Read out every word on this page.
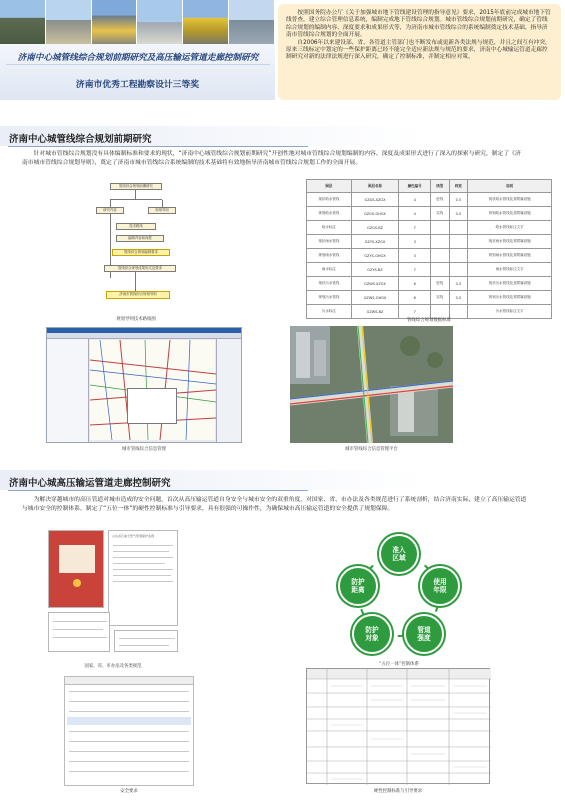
济南中心城管线综合规划前期研究及高压输运管道走廊控制研究
济南市优秀工程勘察设计三等奖

按照国务院办公厅《关于加强城市地下管线建设管理的指导意见》要求，2015年底前完成城市地下管线普查，建立综合管理信息系统，编制完成地下管线综合规划。城市管线综合规划前期研究，确定了管线综合规划的编制内容、深度要求和成果形式等，为济南市城市管线综合的系统编制奠定技术基础，指导济南市管线综合规划的全面开展。

自2006年以来建设部、省、各管道主管部门也不断发布或更新各类法规与规范，并且之间互有冲突，原来三线标定中划定的一些保护距离已经不能完全适应新法规与规范的要求，济南中心城输运管道走廊控制研究对新的法律法规进行深入研究，确定了控制标准，并制定相应对策。

济南中心城管线综合规划前期研究

针对城市管线综合规划没有具体编制标准和要求的现状，“济南中心城管线综合规划前期研究”开创性地对城市管线综合规划编制的内容、深度及成果形式进行了深入的探索与研究，制定了《济南市城市管线综合规划导则》，奠定了济南市城市管线综合系统编制的技术基础将有效地指导济南城市管线综合规划工作的全面开展。

管线综合规划前期研究
研究内容	规划导则
技术路线
编制内容和深度
管线综合规划编制要求
管线综合规划成果形式及要求
济南市管线综合规划导则
规划导则技术路线图
图层	图层名称	颜色编号	线型	线宽	说明
现状给水管线	GZGS-XZGX	4	虚线	0.5	现状给水管线及其附属设施
规划给水管线	GZGS-GHGX	4	实线	0.5	规划给水管线及其附属设施
给水标注	GZGS-BZ	7			给水管线标注文字
现状雨水管线	GZYS-XZGX	3			现状雨水管线及其附属设施
规划雨水管线	GZYS-GHGX	3			规划雨水管线及其附属设施
雨水标注	GZYS-BZ	7			雨水管线标注文字
现状污水管线	GZWS-XZGX	6	虚线	0.5	现状污水管线及其附属设施
规划污水管线	GZWS-GHGX	6	实线	0.5	规划污水管线及其附属设施
污水标注	GZWS-BZ	7			污水管线标注文字
管线综合规划数据标准
城市管线综合信息管理	城市管线综合信息管理平台
济南中心城高压输运管道走廊控制研究

为解决穿越城市的高压管道对城市造成的安全问题，首次从高压输运管道自身安全与城市安全的双重角度，对国家、省、市办法及各类规范进行了系统剖析，结合济南实际，建立了高压输运管道与城市安全的控制体系，制定了“五位一体”的硬性控制标准与引导要求，具有很强的可操作性，为确保城市高压输运管道的安全提供了规划保障。

山东省石油天然气管道保护条例
国家、省、市办法及各类规范
安全要求
准入
区域
使用
年限
管道
强度
防护
对象
防护
距离
“五位一体”控制体系
硬性控制标准与引导要求
